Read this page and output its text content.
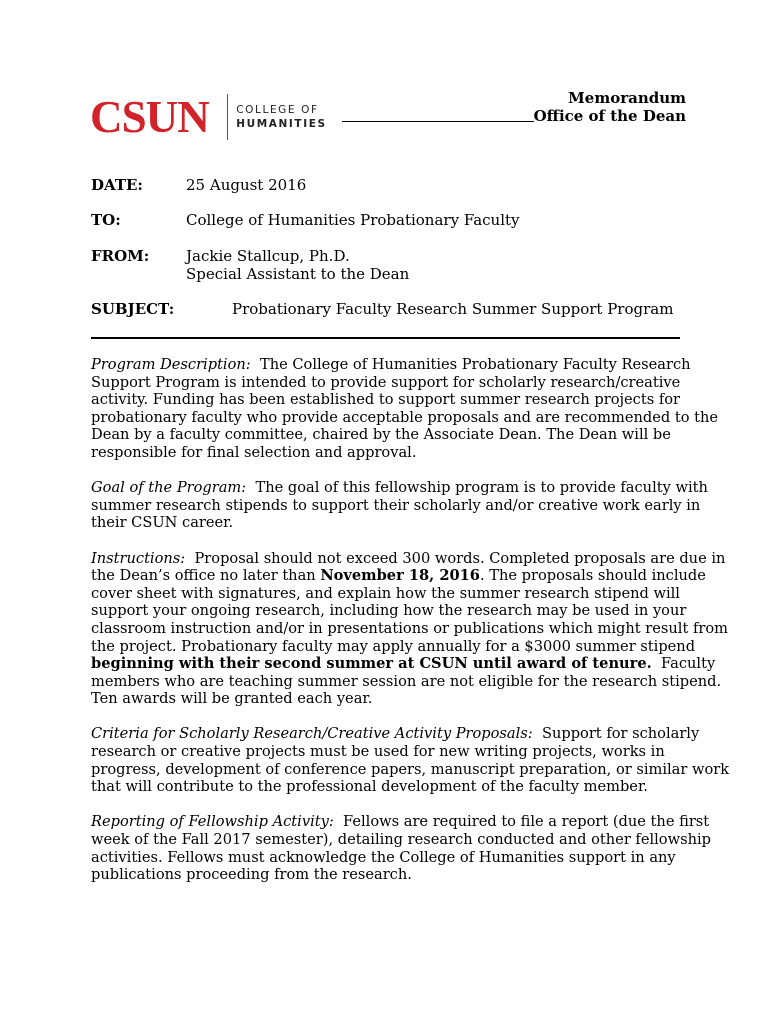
CSUN	COLLEGE OF
HUMANITIES
Memorandum
Office of the Dean
DATE:	25 August 2016
TO:	College of Humanities Probationary Faculty
FROM: Jackie Stallcup, Ph.D.
Special Assistant to the Dean
SUBJECT:	Probationary Faculty Research Summer Support Program

Program Description: The College of Humanities Probationary Faculty Research Support Program is intended to provide support for scholarly research/creative activity. Funding has been established to support summer research projects for probationary faculty who provide acceptable proposals and are recommended to the Dean by a faculty committee, chaired by the Associate Dean. The Dean will be responsible for final selection and approval.

Goal of the Program: The goal of this fellowship program is to provide faculty with summer research stipends to support their scholarly and/or creative work early in their CSUN career.

Instructions: Proposal should not exceed 300 words. Completed proposals are due in the Dean’s office no later than November 18, 2016. The proposals should include cover sheet with signatures, and explain how the summer research stipend will support your ongoing research, including how the research may be used in your classroom instruction and/or in presentations or publications which might result from the project. Probationary faculty may apply annually for a $3000 summer stipend beginning with their second summer at CSUN until award of tenure. Faculty members who are teaching summer session are not eligible for the research stipend. Ten awards will be granted each year.

Criteria for Scholarly Research/Creative Activity Proposals: Support for scholarly research or creative projects must be used for new writing projects, works in progress, development of conference papers, manuscript preparation, or similar work that will contribute to the professional development of the faculty member.

Reporting of Fellowship Activity: Fellows are required to file a report (due the first week of the Fall 2017 semester), detailing research conducted and other fellowship activities. Fellows must acknowledge the College of Humanities support in any publications proceeding from the research.
